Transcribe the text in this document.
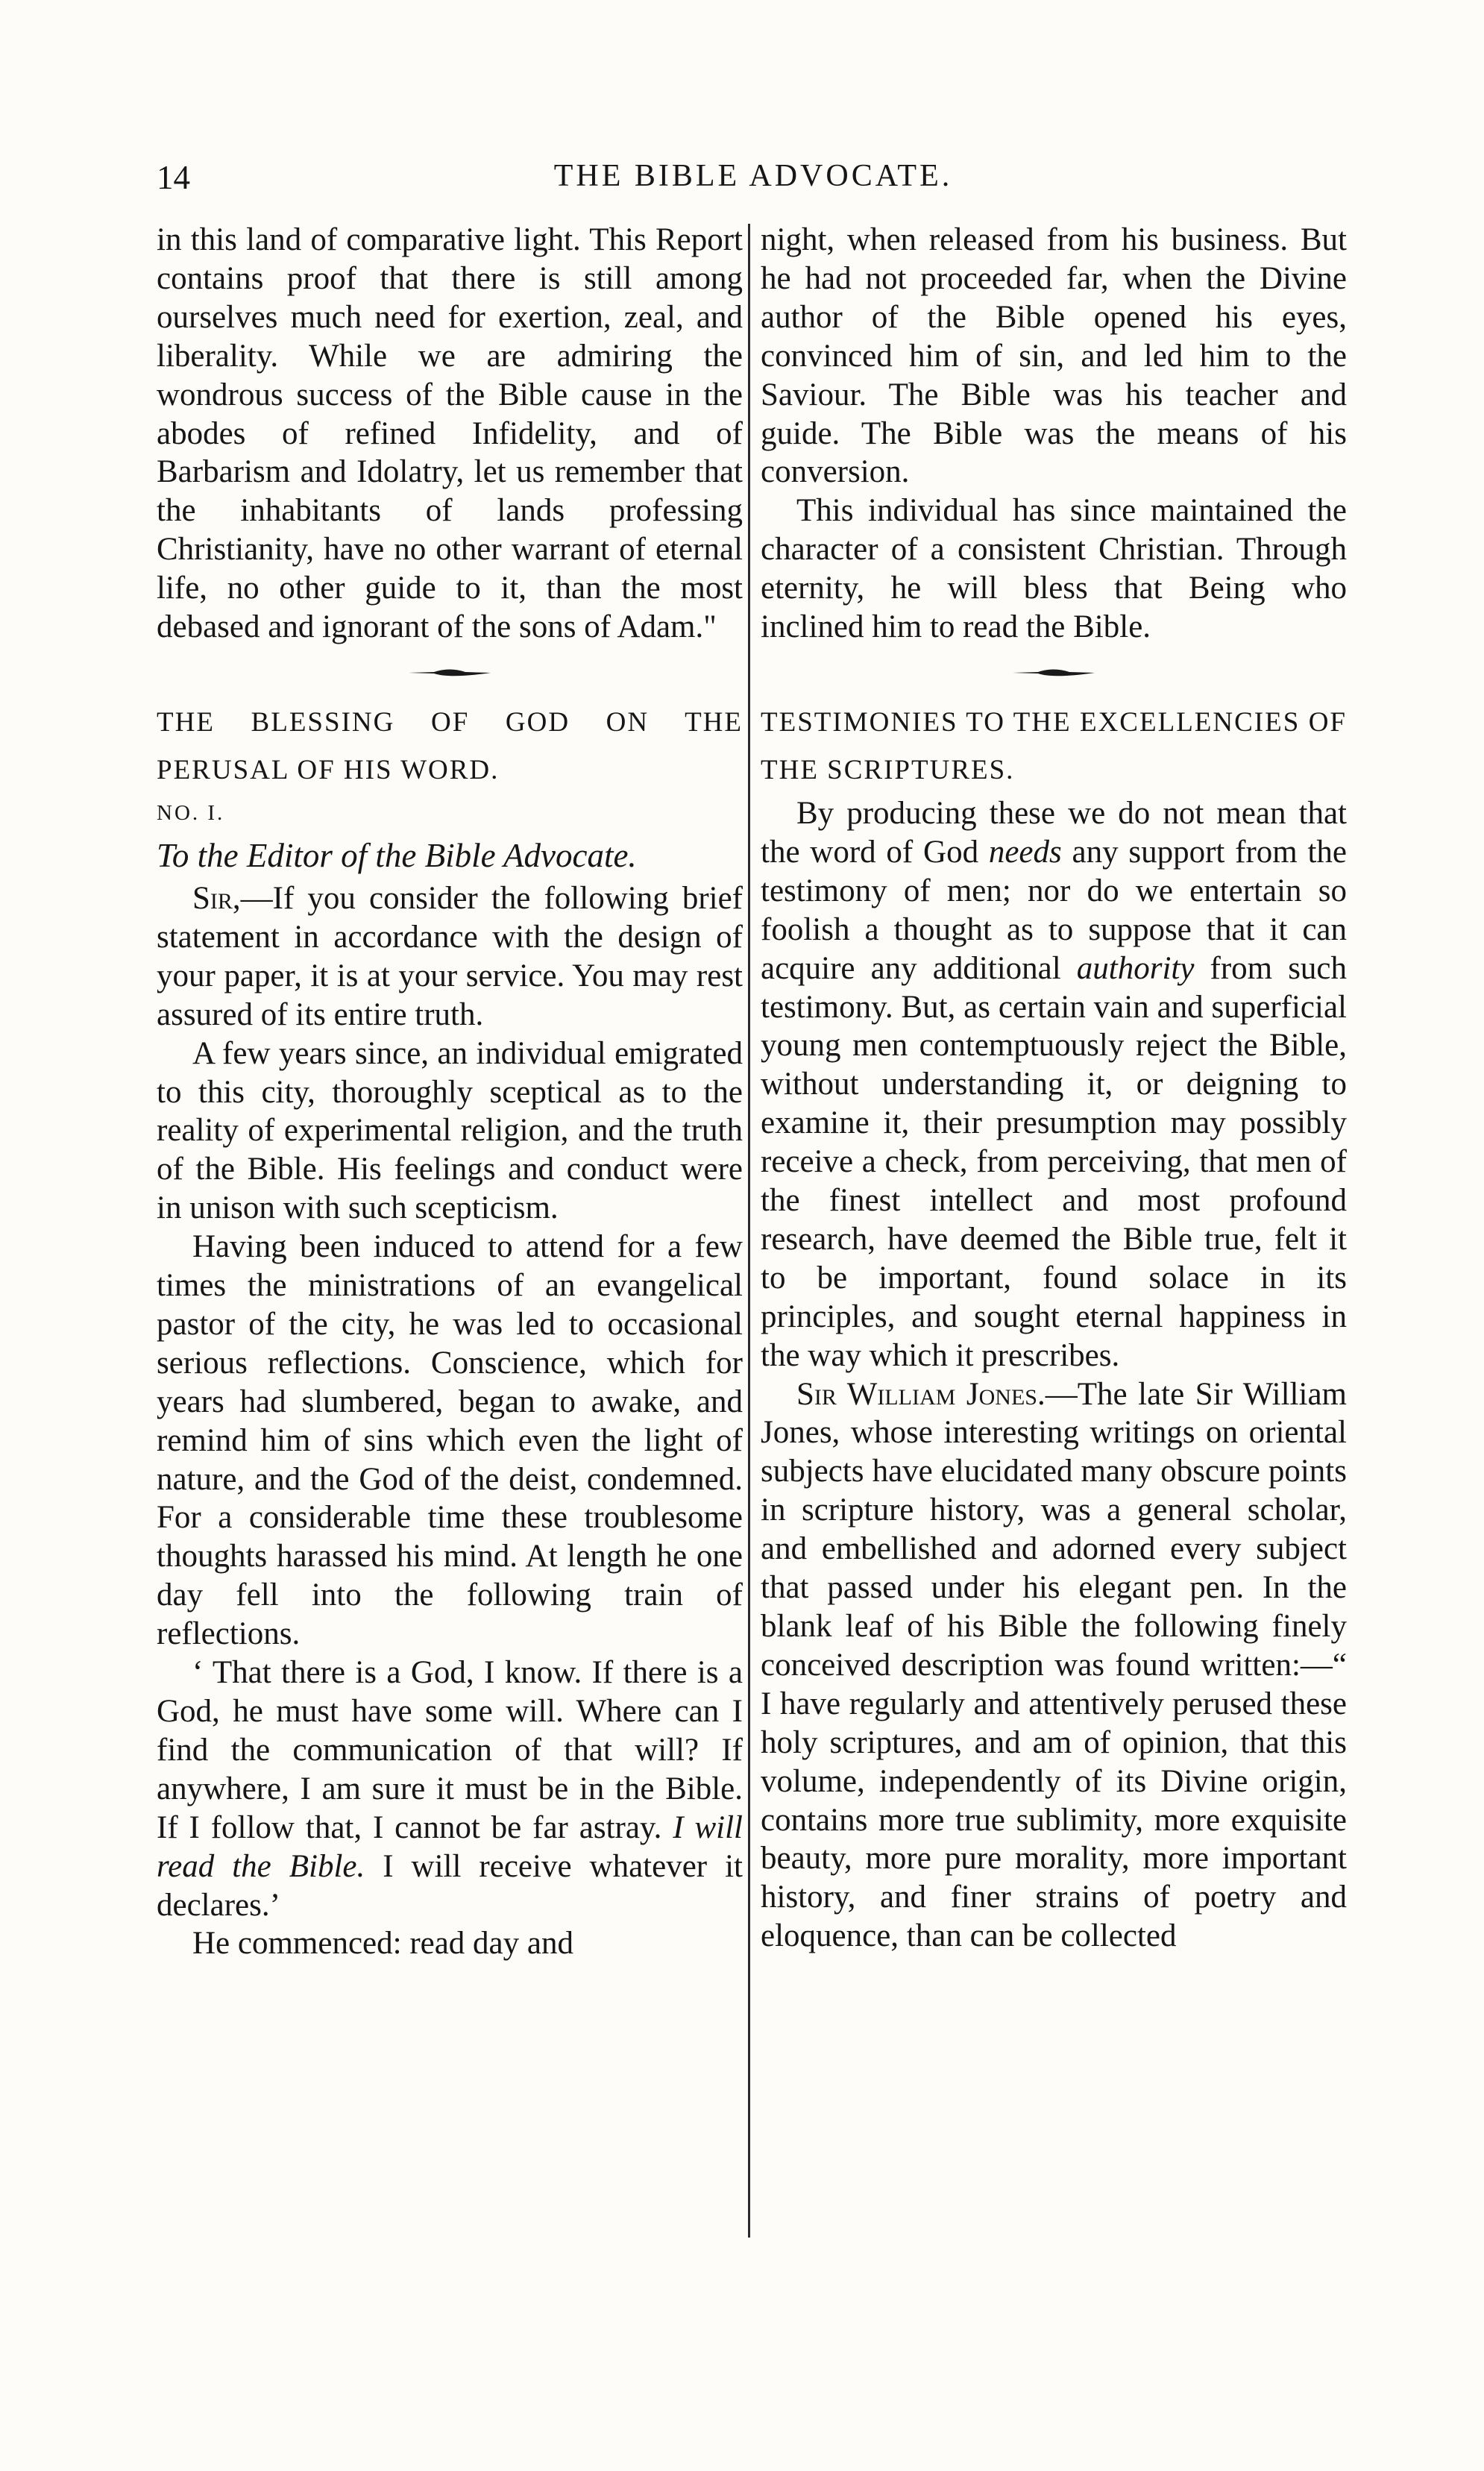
14	THE BIBLE ADVOCATE.

in this land of comparative light. This Report contains proof that there is still among ourselves much need for exertion, zeal, and liberality. While we are admiring the wondrous success of the Bible cause in the abodes of refined Infidelity, and of Barbarism and Idolatry, let us remember that the inhabitants of lands professing Christianity, have no other warrant of eternal life, no other guide to it, than the most debased and ignorant of the sons of Adam."

THE BLESSING OF GOD ON THE PERUSAL OF HIS WORD.

NO. I.

To the Editor of the Bible Advocate.

Sir,—If you consider the following brief statement in accordance with the design of your paper, it is at your service. You may rest assured of its entire truth.

A few years since, an individual emigrated to this city, thoroughly sceptical as to the reality of experimental religion, and the truth of the Bible. His feelings and conduct were in unison with such scepticism.

Having been induced to attend for a few times the ministrations of an evangelical pastor of the city, he was led to occasional serious reflections. Conscience, which for years had slumbered, began to awake, and remind him of sins which even the light of nature, and the God of the deist, condemned. For a considerable time these troublesome thoughts harassed his mind. At length he one day fell into the following train of reflections.

‘ That there is a God, I know. If there is a God, he must have some will. Where can I find the communication of that will? If anywhere, I am sure it must be in the Bible. If I follow that, I cannot be far astray. I will read the Bible. I will receive whatever it declares.’

He commenced: read day and

night, when released from his business. But he had not proceeded far, when the Divine author of the Bible opened his eyes, convinced him of sin, and led him to the Saviour. The Bible was his teacher and guide. The Bible was the means of his conversion.

This individual has since maintained the character of a consistent Christian. Through eternity, he will bless that Being who inclined him to read the Bible.

TESTIMONIES TO THE EXCELLENCIES OF THE SCRIPTURES.

By producing these we do not mean that the word of God needs any support from the testimony of men; nor do we entertain so foolish a thought as to suppose that it can acquire any additional authority from such testimony. But, as certain vain and superficial young men contemptuously reject the Bible, without understanding it, or deigning to examine it, their presumption may possibly receive a check, from perceiving, that men of the finest intellect and most profound research, have deemed the Bible true, felt it to be important, found solace in its principles, and sought eternal happiness in the way which it prescribes.

Sir William Jones.—The late Sir William Jones, whose interesting writings on oriental subjects have elucidated many obscure points in scripture history, was a general scholar, and embellished and adorned every subject that passed under his elegant pen. In the blank leaf of his Bible the following finely conceived description was found written:—“ I have regularly and attentively perused these holy scriptures, and am of opinion, that this volume, independently of its Divine origin, contains more true sublimity, more exquisite beauty, more pure morality, more important history, and finer strains of poetry and eloquence, than can be collected
